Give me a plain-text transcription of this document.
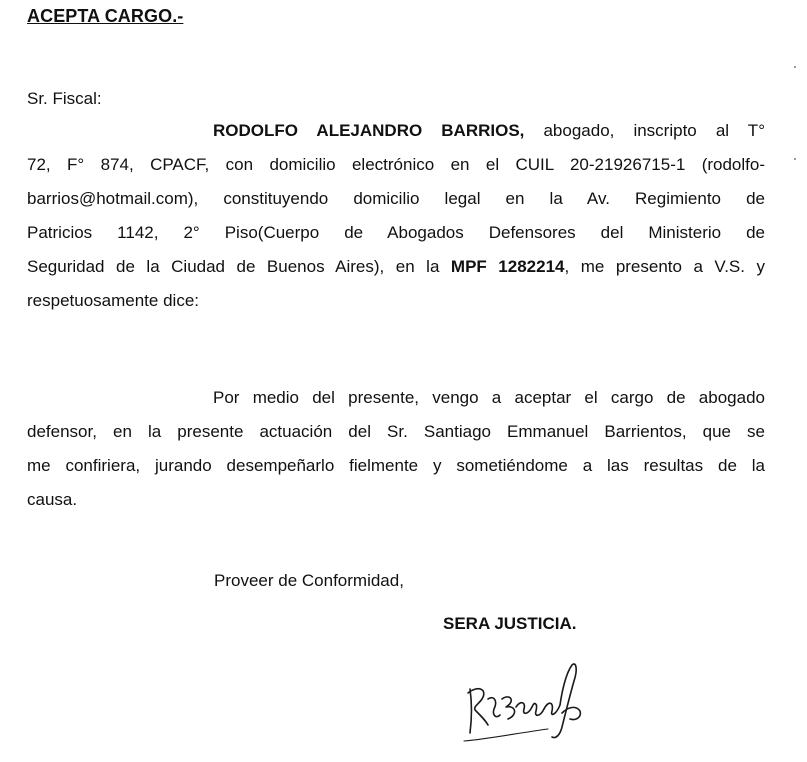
ACEPTA CARGO.-
Sr. Fiscal:
RODOLFO ALEJANDRO BARRIOS, abogado, inscripto al T°
72, F° 874, CPACF, con domicilio electrónico en el CUIL 20-21926715-1 (rodolfo-
barrios@hotmail.com), constituyendo domicilio legal en la Av. Regimiento de
Patricios 1142, 2° Piso(Cuerpo de Abogados Defensores del Ministerio de
Seguridad de la Ciudad de Buenos Aires), en la MPF 1282214, me presento a V.S. y
respetuosamente dice:
Por medio del presente, vengo a aceptar el cargo de abogado
defensor, en la presente actuación del Sr. Santiago Emmanuel Barrientos, que se
me confiriera, jurando desempeñarlo fielmente y sometiéndome a las resultas de la
causa.
Proveer de Conformidad,
SERA JUSTICIA.
